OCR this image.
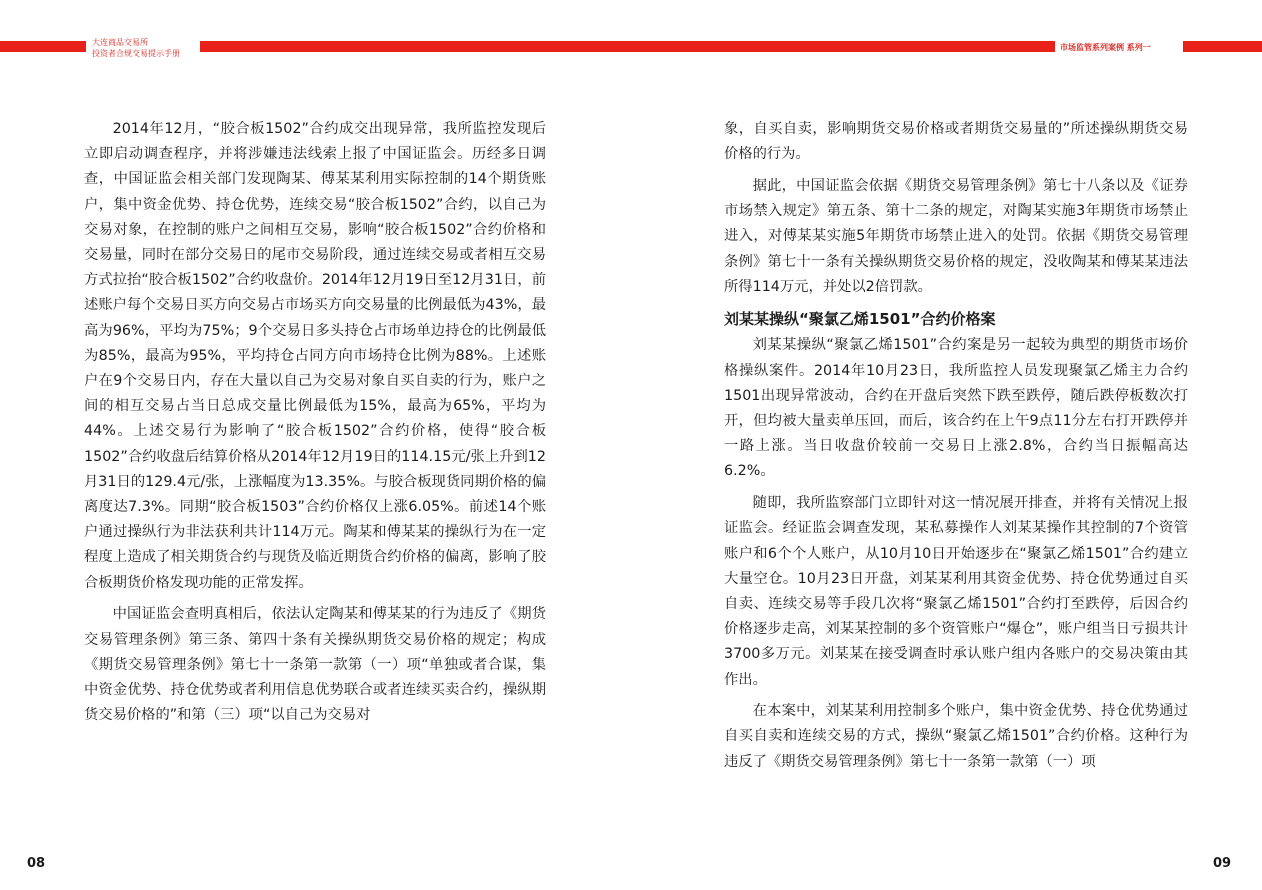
大连商品交易所
投资者合规交易提示手册
市场监管系列案例 系列一

2014年12月，“胶合板1502”合约成交出现异常，我所监控发现后立即启动调查程序，并将涉嫌违法线索上报了中国证监会。历经多日调查，中国证监会相关部门发现陶某、傅某某利用实际控制的14个期货账户，集中资金优势、持仓优势，连续交易“胶合板1502”合约，以自己为交易对象，在控制的账户之间相互交易，影响“胶合板1502”合约价格和交易量，同时在部分交易日的尾市交易阶段，通过连续交易或者相互交易方式拉抬“胶合板1502”合约收盘价。2014年12月19日至12月31日，前述账户每个交易日买方向交易占市场买方向交易量的比例最低为43%，最高为96%，平均为75%；9个交易日多头持仓占市场单边持仓的比例最低为85%，最高为95%，平均持仓占同方向市场持仓比例为88%。上述账户在9个交易日内，存在大量以自己为交易对象自买自卖的行为，账户之间的相互交易占当日总成交量比例最低为15%，最高为65%，平均为44%。上述交易行为影响了“胶合板1502”合约价格，使得“胶合板1502”合约收盘后结算价格从2014年12月19日的114.15元/张上升到12月31日的129.4元/张，上涨幅度为13.35%。与胶合板现货同期价格的偏离度达7.3%。同期“胶合板1503”合约价格仅上涨6.05%。前述14个账户通过操纵行为非法获利共计114万元。陶某和傅某某的操纵行为在一定程度上造成了相关期货合约与现货及临近期货合约价格的偏离，影响了胶合板期货价格发现功能的正常发挥。

中国证监会查明真相后，依法认定陶某和傅某某的行为违反了《期货交易管理条例》第三条、第四十条有关操纵期货交易价格的规定；构成《期货交易管理条例》第七十一条第一款第（一）项“单独或者合谋，集中资金优势、持仓优势或者利用信息优势联合或者连续买卖合约，操纵期货交易价格的”和第（三）项“以自己为交易对

象，自买自卖，影响期货交易价格或者期货交易量的”所述操纵期货交易价格的行为。

据此，中国证监会依据《期货交易管理条例》第七十八条以及《证券市场禁入规定》第五条、第十二条的规定，对陶某实施3年期货市场禁止进入，对傅某某实施5年期货市场禁止进入的处罚。依据《期货交易管理条例》第七十一条有关操纵期货交易价格的规定，没收陶某和傅某某违法所得114万元，并处以2倍罚款。

刘某某操纵“聚氯乙烯1501”合约价格案

刘某某操纵“聚氯乙烯1501”合约案是另一起较为典型的期货市场价格操纵案件。2014年10月23日，我所监控人员发现聚氯乙烯主力合约1501出现异常波动，合约在开盘后突然下跌至跌停，随后跌停板数次打开，但均被大量卖单压回，而后，该合约在上午9点11分左右打开跌停并一路上涨。当日收盘价较前一交易日上涨2.8%，合约当日振幅高达6.2%。

随即，我所监察部门立即针对这一情况展开排查，并将有关情况上报证监会。经证监会调查发现，某私募操作人刘某某操作其控制的7个资管账户和6个个人账户，从10月10日开始逐步在“聚氯乙烯1501”合约建立大量空仓。10月23日开盘，刘某某利用其资金优势、持仓优势通过自买自卖、连续交易等手段几次将“聚氯乙烯1501”合约打至跌停，后因合约价格逐步走高，刘某某控制的多个资管账户“爆仓”，账户组当日亏损共计3700多万元。刘某某在接受调查时承认账户组内各账户的交易决策由其作出。

在本案中，刘某某利用控制多个账户，集中资金优势、持仓优势通过自买自卖和连续交易的方式，操纵“聚氯乙烯1501”合约价格。这种行为违反了《期货交易管理条例》第七十一条第一款第（一）项

08	09
